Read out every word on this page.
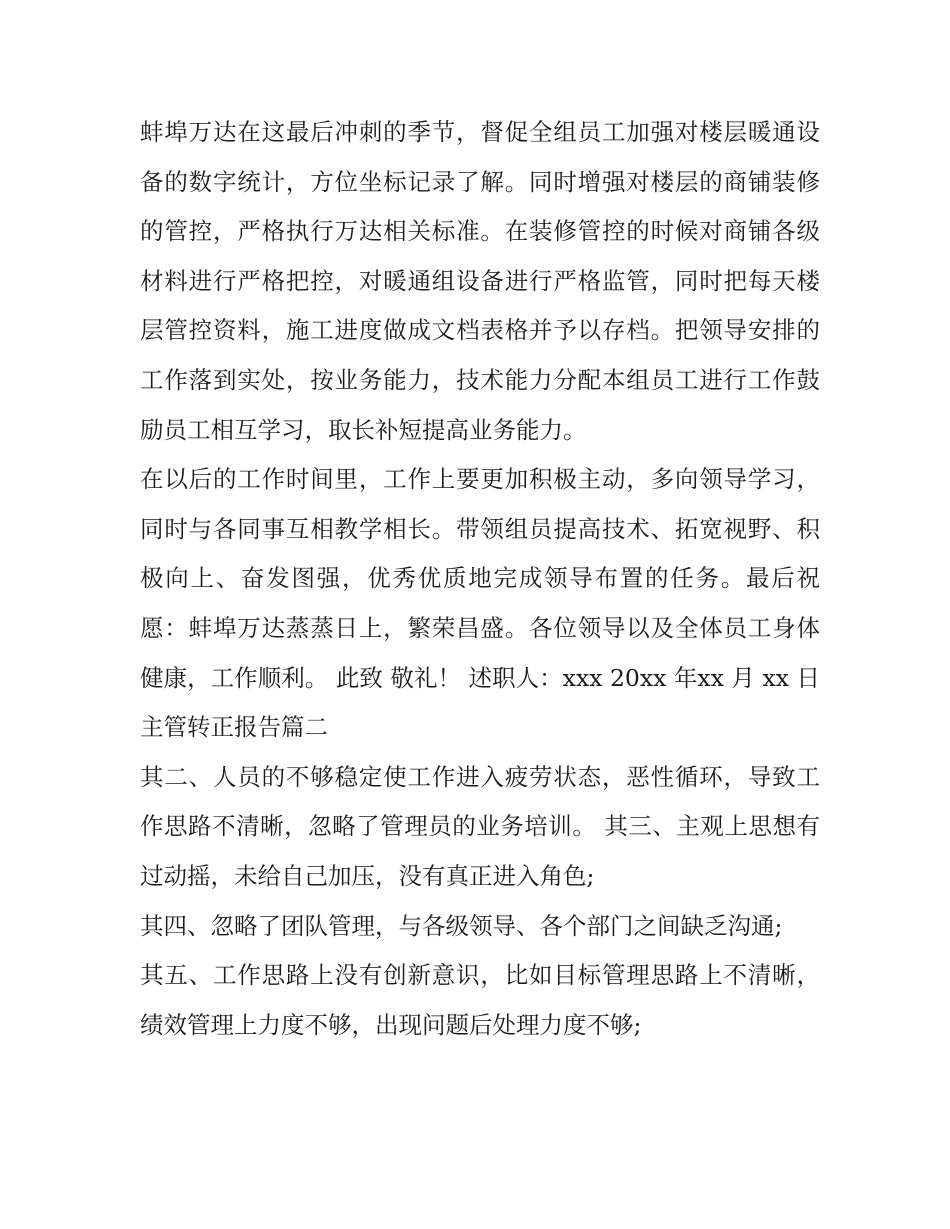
蚌埠万达在这最后冲刺的季节，督促全组员工加强对楼层暖通设备的数字统计，方位坐标记录了解。同时增强对楼层的商铺装修的管控，严格执行万达相关标准。在装修管控的时候对商铺各级材料进行严格把控，对暖通组设备进行严格监管，同时把每天楼层管控资料，施工进度做成文档表格并予以存档。把领导安排的工作落到实处，按业务能力，技术能力分配本组员工进行工作鼓励员工相互学习，取长补短提高业务能力。

在以后的工作时间里，工作上要更加积极主动，多向领导学习，同时与各同事互相教学相长。带领组员提高技术、拓宽视野、积极向上、奋发图强，优秀优质地完成领导布置的任务。最后祝愿：蚌埠万达蒸蒸日上，繁荣昌盛。各位领导以及全体员工身体健康，工作顺利。 此致 敬礼！ 述职人：xxx 20xx 年xx 月 xx 日 主管转正报告篇二

其二、人员的不够稳定使工作进入疲劳状态，恶性循环，导致工作思路不清晰，忽略了管理员的业务培训。 其三、主观上思想有过动摇，未给自己加压，没有真正进入角色;

其四、忽略了团队管理，与各级领导、各个部门之间缺乏沟通;

其五、工作思路上没有创新意识，比如目标管理思路上不清晰，绩效管理上力度不够，出现问题后处理力度不够;
